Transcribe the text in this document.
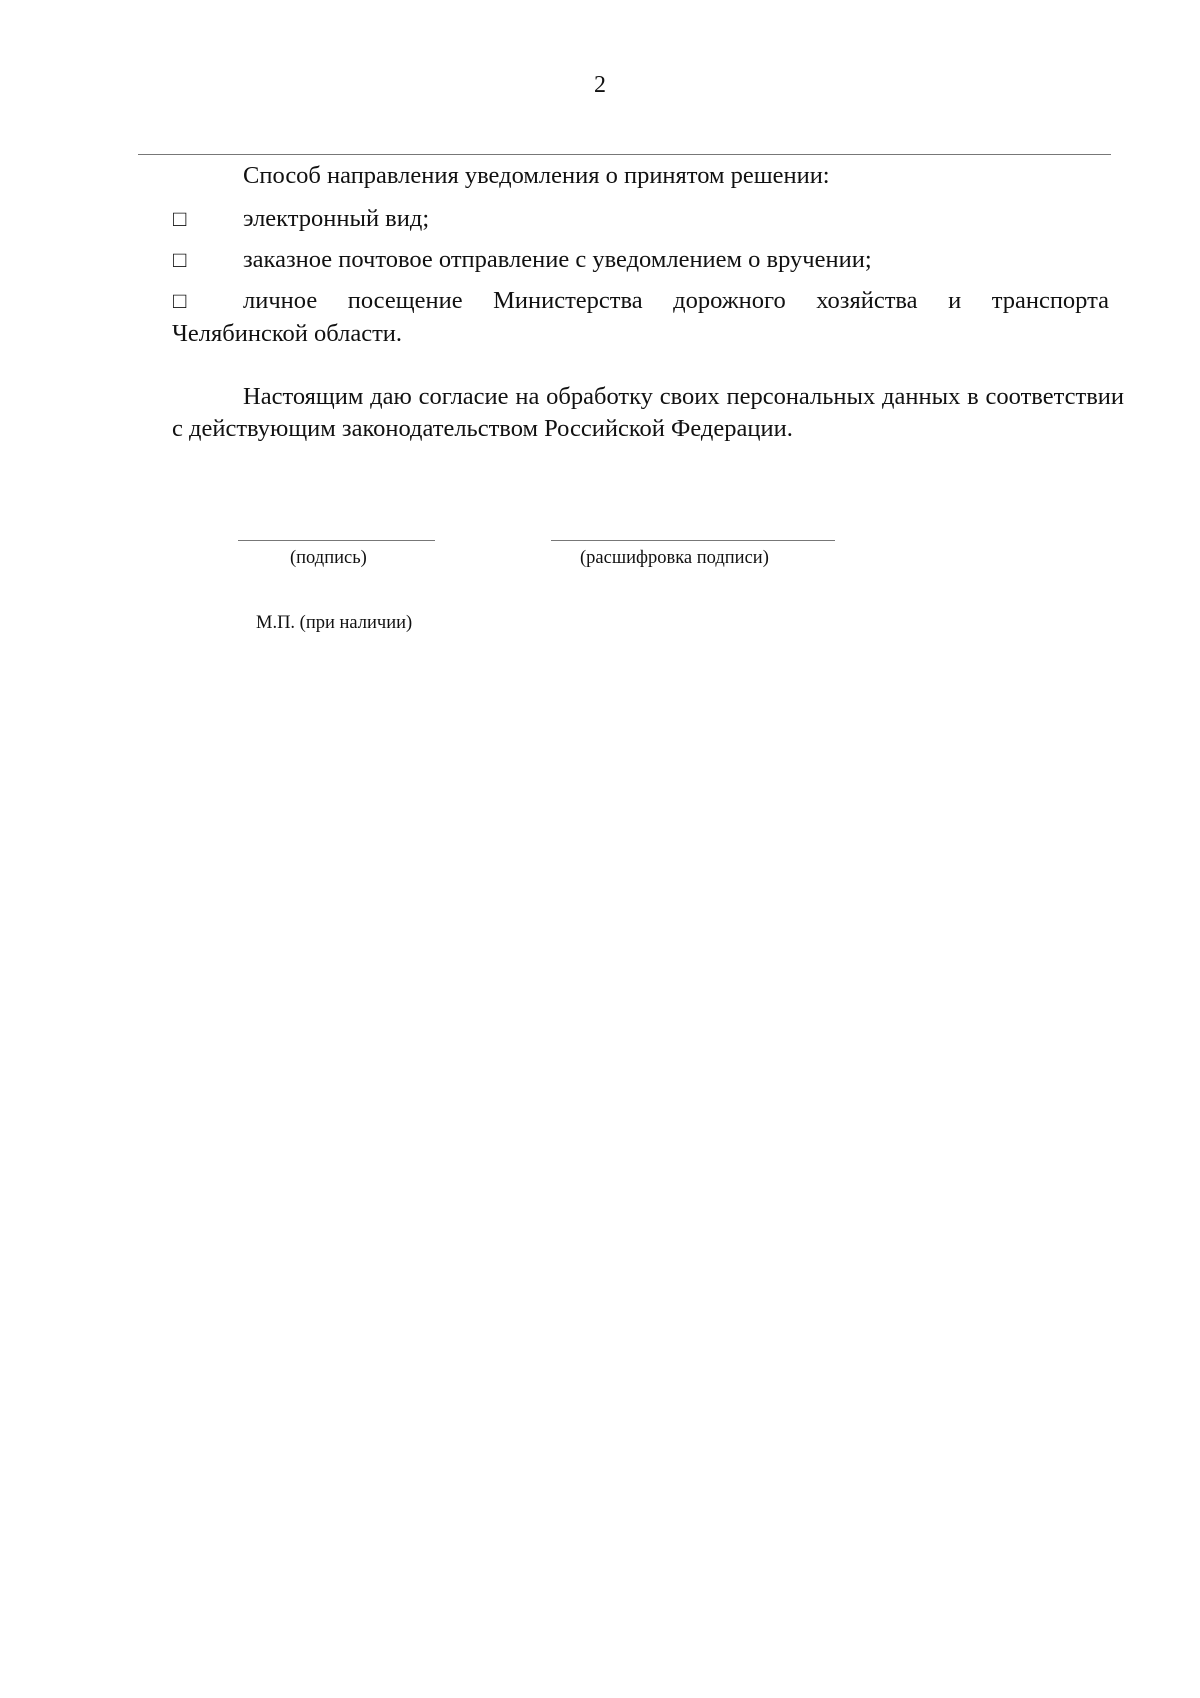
2
Способ направления уведомления о принятом решении:
□ электронный вид;
□ заказное почтовое отправление с уведомлением о вручении;
□ личное посещение Министерства дорожного хозяйства и транспорта
Челябинской области.
Настоящим даю согласие на обработку своих персональных данных в соответствии с действующим законодательством Российской Федерации.
(подпись)	(расшифровка подписи)
М.П. (при наличии)
